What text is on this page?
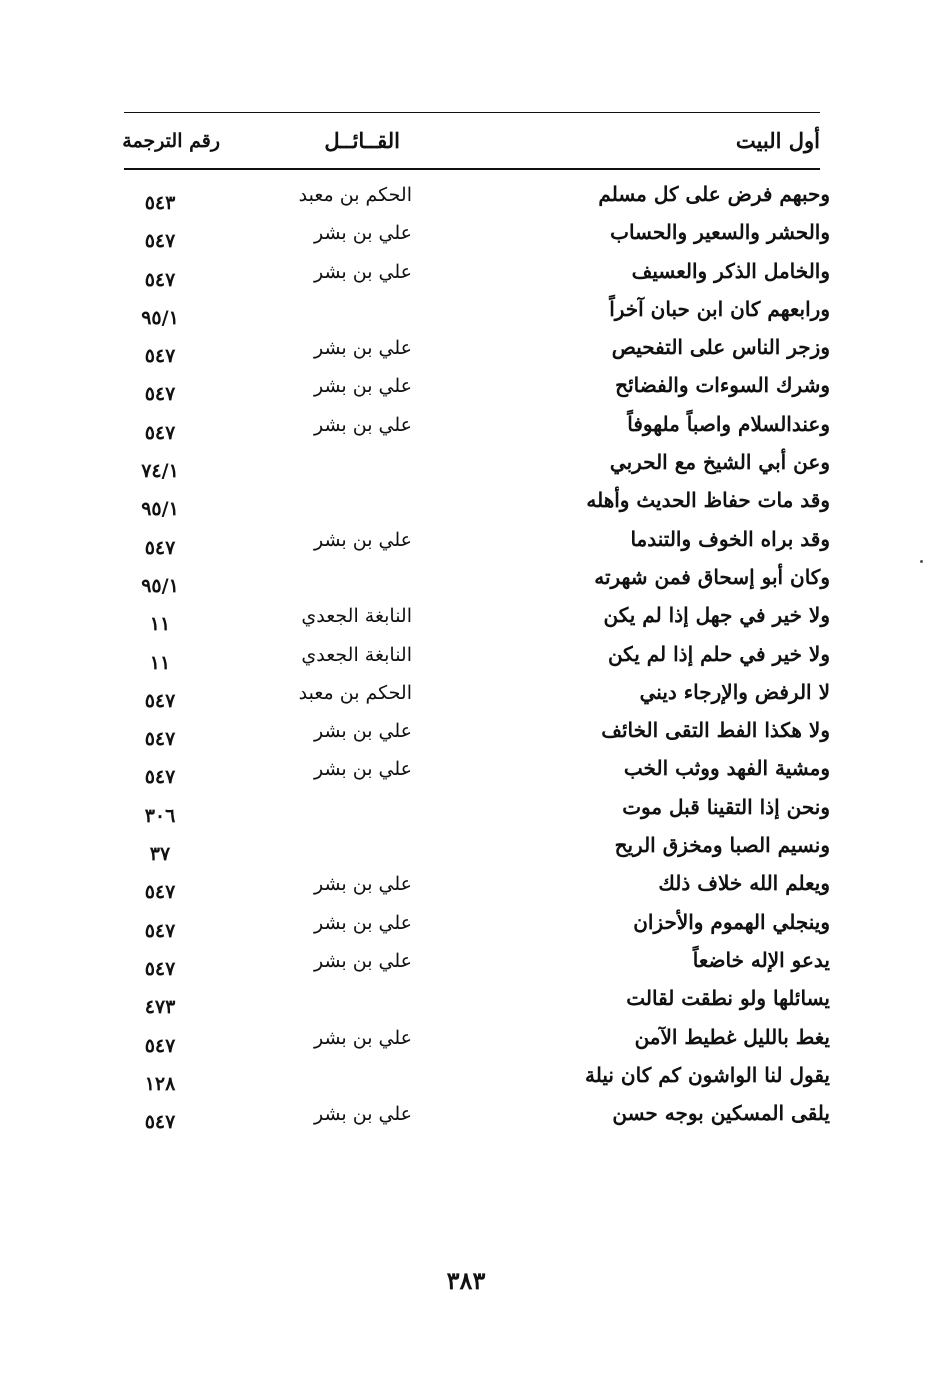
أول البيت
القــائــل
رقم الترجمة
وحبهم فرض على كل مسلم
الحكم بن معبد
٥٤٣
والحشر والسعير والحساب
علي بن بشر
٥٤٧
والخامل الذكر والعسيف
علي بن بشر
٥٤٧
ورابعهم كان ابن حبان آخراً
٩٥/١
وزجر الناس على التفحيص
علي بن بشر
٥٤٧
وشرك السوءات والفضائح
علي بن بشر
٥٤٧
وعندالسلام واصباً ملهوفاً
علي بن بشر
٥٤٧
وعن أبي الشيخ مع الحربي
٧٤/١
وقد مات حفاظ الحديث وأهله
٩٥/١
وقد براه الخوف والتندما
علي بن بشر
٥٤٧
وكان أبو إسحاق فمن شهرته
٩٥/١
ولا خير في جهل إذا لم يكن
النابغة الجعدي
١١
ولا خير في حلم إذا لم يكن
النابغة الجعدي
١١
لا الرفض والإرجاء ديني
الحكم بن معبد
٥٤٧
ولا هكذا الفط التقى الخائف
علي بن بشر
٥٤٧
ومشية الفهد ووثب الخب
علي بن بشر
٥٤٧
ونحن إذا التقينا قبل موت
٣٠٦
ونسيم الصبا ومخزق الريح
٣٧
ويعلم الله خلاف ذلك
علي بن بشر
٥٤٧
وينجلي الهموم والأحزان
علي بن بشر
٥٤٧
يدعو الإله خاضعاً
علي بن بشر
٥٤٧
يسائلها ولو نطقت لقالت
٤٧٣
يغط بالليل غطيط الآمن
علي بن بشر
٥٤٧
يقول لنا الواشون كم كان نيلة
١٢٨
يلقى المسكين بوجه حسن
علي بن بشر
٥٤٧
٣٨٣
